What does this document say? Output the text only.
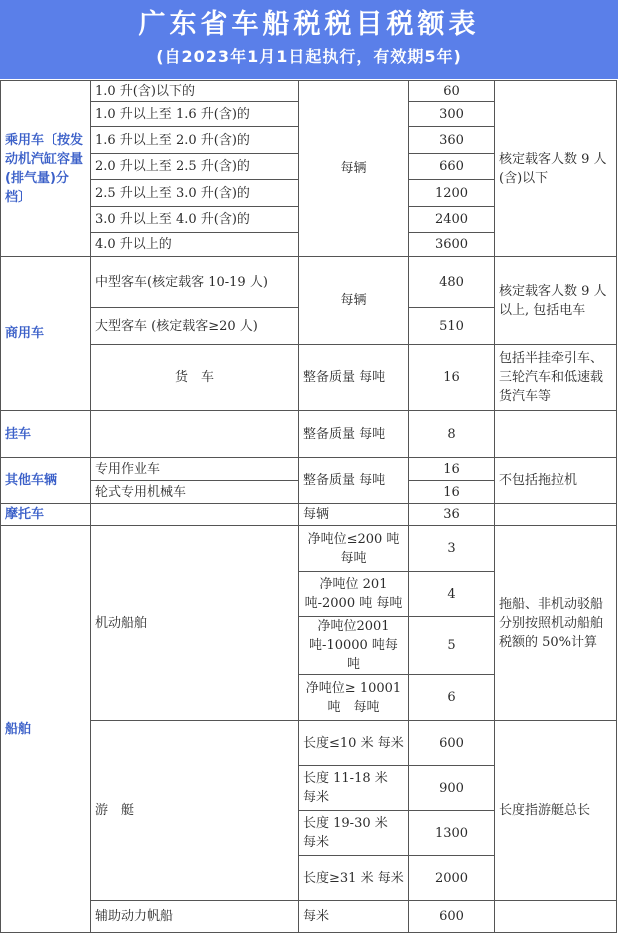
广东省车船税税目税额表
(自2023年1月1日起执行，有效期5年)
乘用车〔按发动机汽缸容量(排气量)分档〕	1.0 升(含)以下的	每辆	60	核定载客人数 9 人(含)以下
	1.0 升以上至 1.6 升(含)的		300	
	1.6 升以上至 2.0 升(含)的		360	
	2.0 升以上至 2.5 升(含)的		660	
	2.5 升以上至 3.0 升(含)的		1200	
	3.0 升以上至 4.0 升(含)的		2400	
	4.0 升以上的		3600	
商用车	中型客车(核定载客 10-19 人)	每辆	480	核定载客人数 9 人以上, 包括电车
	大型客车 (核定载客≥20 人)		510	
	货　车	整备质量 每吨	16	包括半挂牵引车、三轮汽车和低速载货汽车等
挂车		整备质量 每吨	8	
其他车辆	专用作业车	整备质量 每吨	16	不包括拖拉机
	轮式专用机械车		16	
摩托车		每辆	36	
船舶	机动船舶	净吨位≤200 吨　每吨	3	拖船、非机动驳船分别按照机动船舶税额的 50%计算
		净吨位 201 吨-2000 吨 每吨	4	
		净吨位2001 吨-10000 吨每吨	5	
		净吨位≥ 10001 吨　每吨	6	
	游　艇	长度≤10 米 每米	600	长度指游艇总长
		长度 11-18 米 每米	900	
		长度 19-30 米 每米	1300	
		长度≥31 米 每米	2000	
	辅助动力帆船	每米	600	
